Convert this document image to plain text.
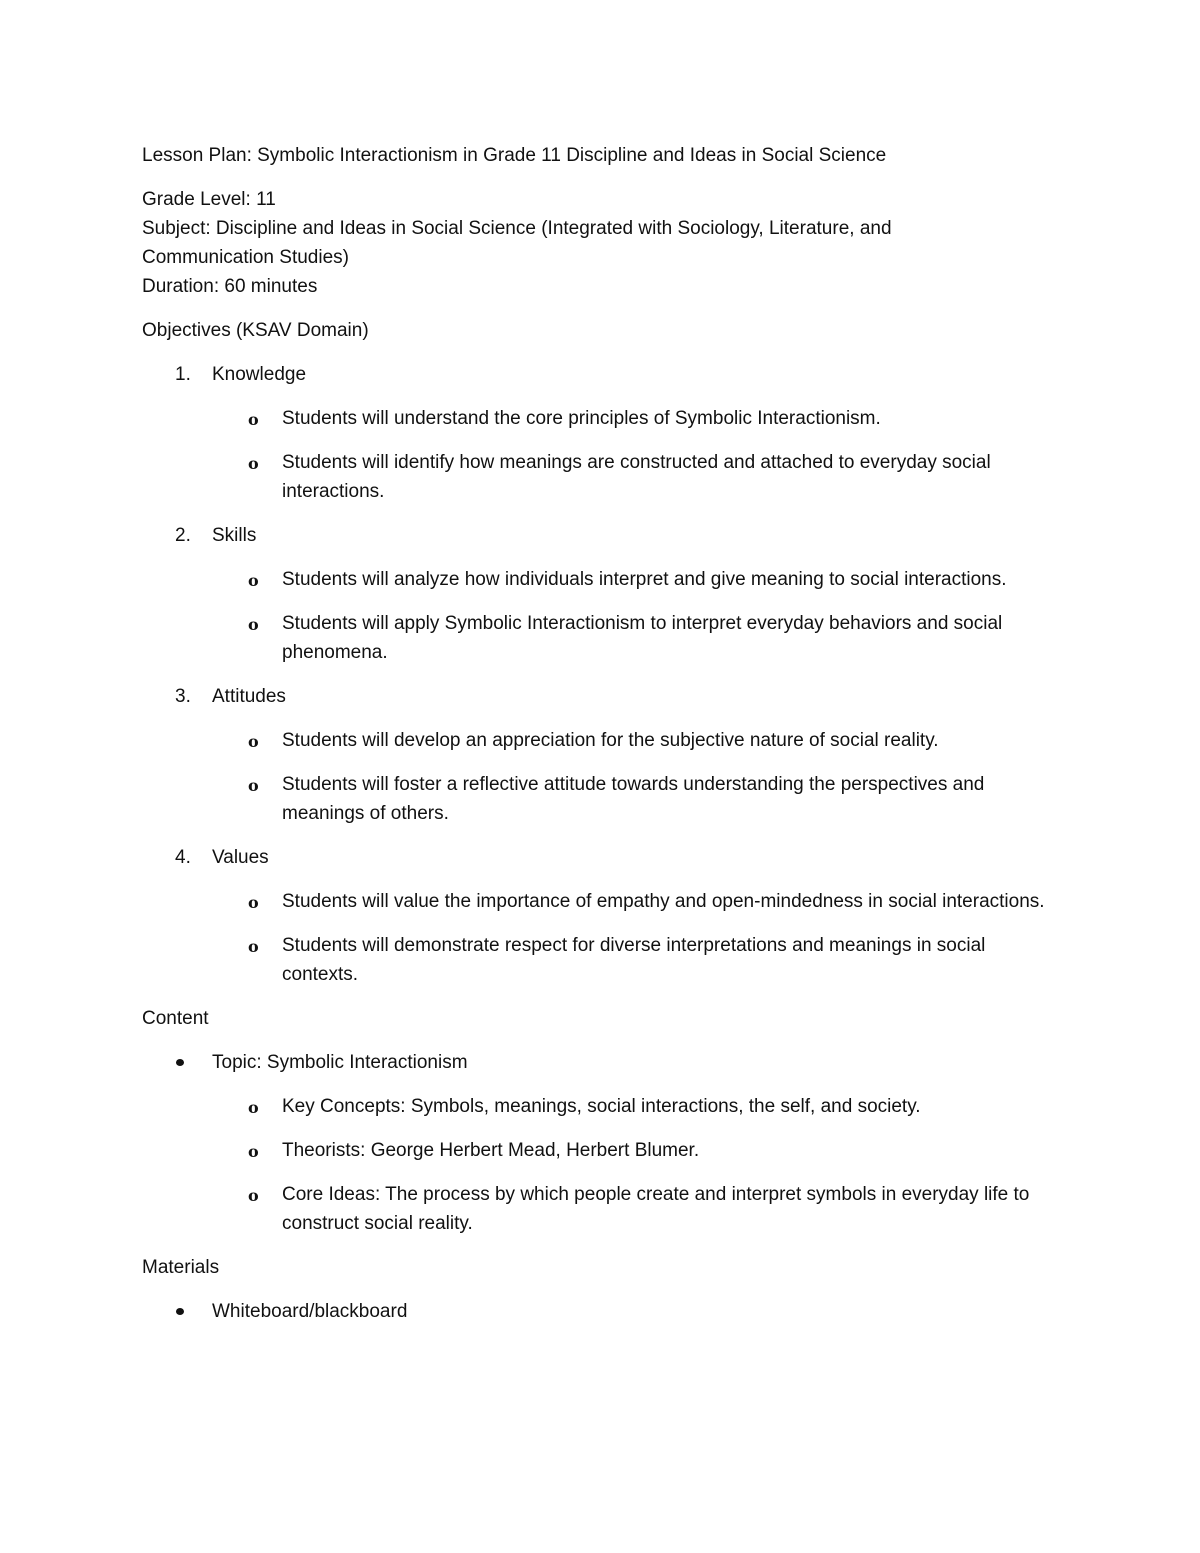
Lesson Plan: Symbolic Interactionism in Grade 11 Discipline and Ideas in Social Science
Grade Level: 11
Subject: Discipline and Ideas in Social Science (Integrated with Sociology, Literature, and
Communication Studies)
Duration: 60 minutes
Objectives (KSAV Domain)
1. Knowledge
o Students will understand the core principles of Symbolic Interactionism.
o Students will identify how meanings are constructed and attached to everyday social interactions.
2. Skills
o Students will analyze how individuals interpret and give meaning to social interactions.
o Students will apply Symbolic Interactionism to interpret everyday behaviors and social phenomena.
3. Attitudes
o Students will develop an appreciation for the subjective nature of social reality.
o Students will foster a reflective attitude towards understanding the perspectives and meanings of others.
4. Values
o Students will value the importance of empathy and open-mindedness in social interactions.
o Students will demonstrate respect for diverse interpretations and meanings in social contexts.
Content
Topic: Symbolic Interactionism
o Key Concepts: Symbols, meanings, social interactions, the self, and society.
o Theorists: George Herbert Mead, Herbert Blumer.
o Core Ideas: The process by which people create and interpret symbols in everyday life to construct social reality.
Materials
Whiteboard/blackboard
